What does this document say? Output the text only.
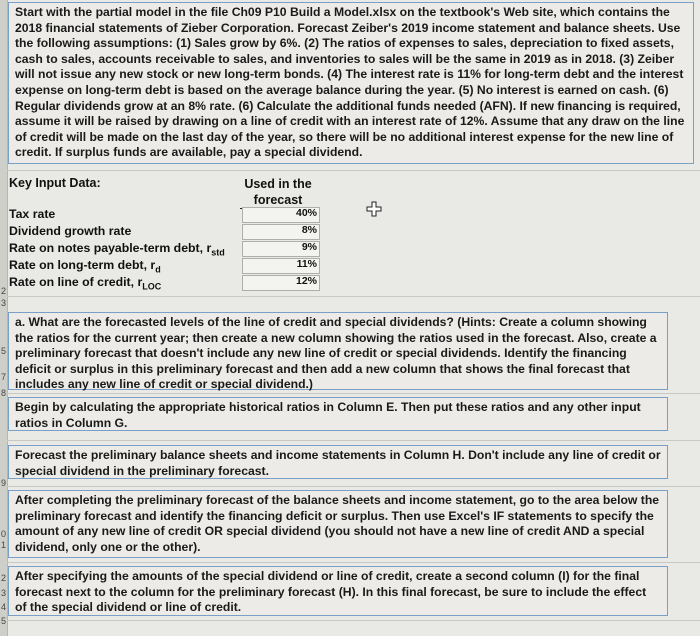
2
3
5
7
8
9
0
1
2
3
4
5
Start with the partial model in the file Ch09 P10 Build a Model.xlsx on the textbook's Web site, which contains the 2018 financial statements of Zieber Corporation. Forecast Zeiber's 2019 income statement and balance sheets. Use the following assumptions: (1) Sales grow by 6%. (2) The ratios of expenses to sales, depreciation to fixed assets, cash to sales, accounts receivable to sales, and inventories to sales will be the same in 2019 as in 2018. (3) Zeiber will not issue any new stock or new long-term bonds. (4) The interest rate is 11% for long-term debt and the interest expense on long-term debt is based on the average balance during the year. (5) No interest is earned on cash. (6) Regular dividends grow at an 8% rate. (6) Calculate the additional funds needed (AFN). If new financing is required, assume it will be raised by drawing on a line of credit with an interest rate of 12%. Assume that any draw on the line of credit will be made on the last day of the year, so there will be no additional interest expense for the new line of credit. If surplus funds are available, pay a special dividend.
Key Input Data:	Used in the forecast
Tax rate	40%
Dividend growth rate	8%
Rate on notes payable-term debt, $r_{std}$	9%
Rate on long-term debt, $r_d$	11%
Rate on line of credit, $r_{LOC}$	12%
a. What are the forecasted levels of the line of credit and special dividends? (Hints: Create a column showing the ratios for the current year; then create a new column showing the ratios used in the forecast. Also, create a preliminary forecast that doesn't include any new line of credit or special dividends. Identify the financing deficit or surplus in this preliminary forecast and then add a new column that shows the final forecast that includes any new line of credit or special dividend.)
Begin by calculating the appropriate historical ratios in Column E. Then put these ratios and any other input ratios in Column G.
Forecast the preliminary balance sheets and income statements in Column H. Don't include any line of credit or special dividend in the preliminary forecast.
After completing the preliminary forecast of the balance sheets and income statement, go to the area below the preliminary forecast and identify the financing deficit or surplus. Then use Excel's IF statements to specify the amount of any new line of credit OR special dividend (you should not have a new line of credit AND a special dividend, only one or the other).
After specifying the amounts of the special dividend or line of credit, create a second column (I) for the final forecast next to the column for the preliminary forecast (H). In this final forecast, be sure to include the effect of the special dividend or line of credit.
